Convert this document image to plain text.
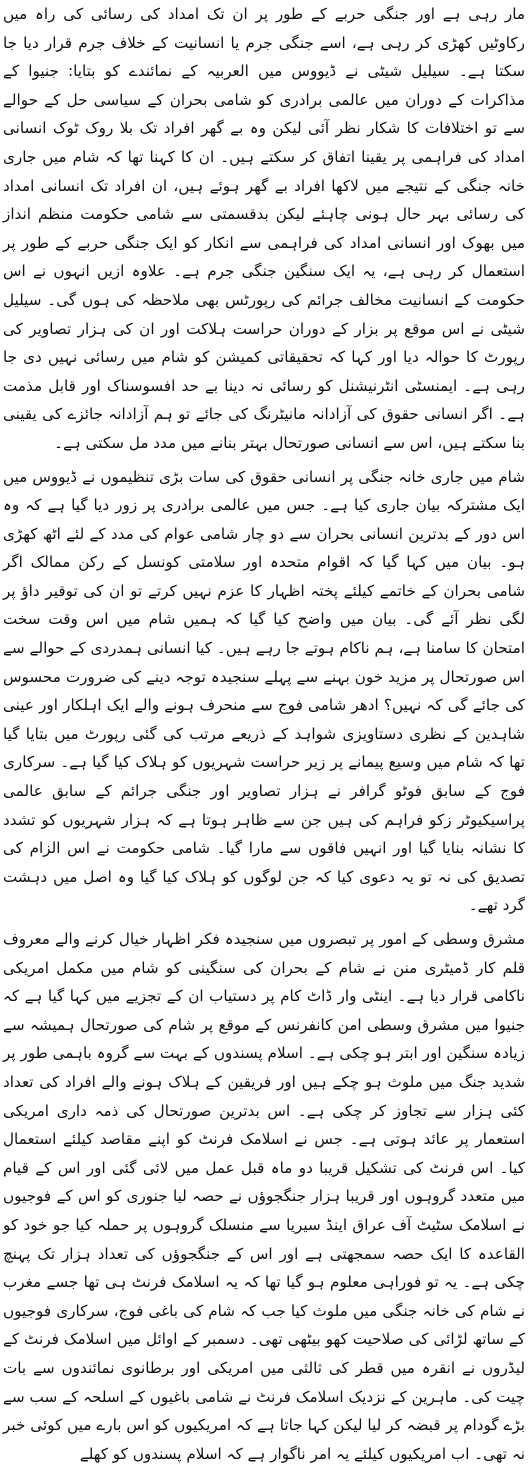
مار رہی ہے اور جنگی حربے کے طور پر ان تک امداد کی رسائی کی راہ میں رکاوٹیں کھڑی کر رہی ہے، اسے جنگی جرم یا انسانیت کے خلاف جرم قرار دیا جا سکتا ہے۔ سیلیل شیٹی نے ڈیووس میں العربیہ کے نمائندے کو بتایا: جنیوا کے مذاکرات کے دوران میں عالمی برادری کو شامی بحران کے سیاسی حل کے حوالے سے تو اختلافات کا شکار نظر آئی لیکن وہ بے گھر افراد تک بلا روک ٹوک انسانی امداد کی فراہمی پر یقینا اتفاق کر سکتے ہیں۔ ان کا کہنا تھا کہ شام میں جاری خانہ جنگی کے نتیجے میں لاکھا افراد بے گھر ہوئے ہیں، ان افراد تک انسانی امداد کی رسائی بہر حال ہونی چاہئے لیکن بدقسمتی سے شامی حکومت منظم انداز میں بھوک اور انسانی امداد کی فراہمی سے انکار کو ایک جنگی حربے کے طور پر استعمال کر رہی ہے، یہ ایک سنگین جنگی جرم ہے۔ علاوہ ازیں انہوں نے اس حکومت کے انسانیت مخالف جرائم کی رپورٹس بھی ملاحظہ کی ہوں گی۔ سیلیل شیٹی نے اس موقع پر بزار کے دوران حراست ہلاکت اور ان کی ہزار تصاویر کی رپورٹ کا حوالہ دیا اور کہا کہ تحقیقاتی کمیشن کو شام میں رسائی نہیں دی جا رہی ہے۔ ایمنسٹی انٹرنیشنل کو رسائی نہ دینا بے حد افسوسناک اور قابل مذمت ہے۔ اگر انسانی حقوق کی آزادانہ مانیٹرنگ کی جائے تو ہم آزادانہ جائزے کی یقینی بنا سکتے ہیں، اس سے انسانی صورتحال بہتر بنانے میں مدد مل سکتی ہے۔

شام میں جاری خانہ جنگی پر انسانی حقوق کی سات بڑی تنظیموں نے ڈیووس میں ایک مشترکہ بیان جاری کیا ہے۔ جس میں عالمی برادری پر زور دیا گیا ہے کہ وہ اس دور کے بدترین انسانی بحران سے دو چار شامی عوام کی مدد کے لئے اٹھ کھڑی ہو۔ بیان میں کہا گیا کہ اقوام متحدہ اور سلامتی کونسل کے رکن ممالک اگر شامی بحران کے خاتمے کیلئے پختہ اظہار کا عزم نہیں کرتے تو ان کی توقیر داؤ پر لگی نظر آئے گی۔ بیان میں واضح کیا گیا کہ ہمیں شام میں اس وقت سخت امتحان کا سامنا ہے، ہم ناکام ہوتے جا رہے ہیں۔ کیا انسانی ہمدردی کے حوالے سے اس صورتحال پر مزید خون بہنے سے پہلے سنجیدہ توجہ دینے کی ضرورت محسوس کی جائے گی کہ نہیں؟ ادھر شامی فوج سے منحرف ہونے والے ایک اہلکار اور عینی شاہدین کے نظری دستاویزی شواہد کے ذریعے مرتب کی گئی رپورٹ میں بتایا گیا تھا کہ شام میں وسیع پیمانے پر زیر حراست شہریوں کو ہلاک کیا گیا ہے۔ سرکاری فوج کے سابق فوٹو گرافر نے ہزار تصاویر اور جنگی جرائم کے سابق عالمی پراسیکیوٹر زکو فراہم کی ہیں جن سے ظاہر ہوتا ہے کہ ہزار شہریوں کو تشدد کا نشانہ بنایا گیا اور انہیں فاقوں سے مارا گیا۔ شامی حکومت نے اس الزام کی تصدیق کی نہ تو یہ دعوی کیا کہ جن لوگوں کو ہلاک کیا گیا وہ اصل میں دہشت گرد تھے۔

مشرق وسطی کے امور پر تبصروں میں سنجیدہ فکر اظہار خیال کرنے والے معروف قلم کار ڈمیٹری منن نے شام کے بحران کی سنگینی کو شام میں مکمل امریکی ناکامی قرار دیا ہے۔ اینٹی وار ڈاٹ کام پر دستیاب ان کے تجزیے میں کہا گیا ہے کہ جنیوا میں مشرق وسطی امن کانفرنس کے موقع پر شام کی صورتحال ہمیشہ سے زیادہ سنگین اور ابتر ہو چکی ہے۔ اسلام پسندوں کے بہت سے گروہ باہمی طور پر شدید جنگ میں ملوث ہو چکے ہیں اور فریقین کے ہلاک ہونے والے افراد کی تعداد کئی ہزار سے تجاوز کر چکی ہے۔ اس بدترین صورتحال کی ذمہ داری امریکی استعمار پر عائد ہوتی ہے۔ جس نے اسلامک فرنٹ کو اپنے مقاصد کیلئے استعمال کیا۔ اس فرنٹ کی تشکیل قریبا دو ماہ قبل عمل میں لائی گئی اور اس کے قیام میں متعدد گروہوں اور قریبا ہزار جنگجوؤں نے حصہ لیا جنوری کو اس کے فوجیوں نے اسلامک سٹیٹ آف عراق اینڈ سیریا سے منسلک گروہوں پر حملہ کیا جو خود کو القاعدہ کا ایک حصہ سمجھتی ہے اور اس کے جنگجوؤں کی تعداد ہزار تک پہنچ چکی ہے۔ یہ تو فوراہی معلوم ہو گیا تھا کہ یہ اسلامک فرنٹ ہی تھا جسے مغرب نے شام کی خانہ جنگی میں ملوث کیا جب کہ شام کی باغی فوج، سرکاری فوجیوں کے ساتھ لڑائی کی صلاحیت کھو بیٹھی تھی۔ دسمبر کے اوائل میں اسلامک فرنٹ کے لیڈروں نے انقرہ میں قطر کی ثالثی میں امریکی اور برطانوی نمائندوں سے بات چیت کی۔ ماہرین کے نزدیک اسلامک فرنٹ نے شامی باغیوں کے اسلحہ کے سب سے بڑے گودام پر قبضہ کر لیا لیکن کہا جاتا ہے کہ امریکیوں کو اس بارے میں کوئی خبر نہ تھی۔ اب امریکیوں کیلئے یہ امر ناگوار ہے کہ اسلام پسندوں کو کھلے
